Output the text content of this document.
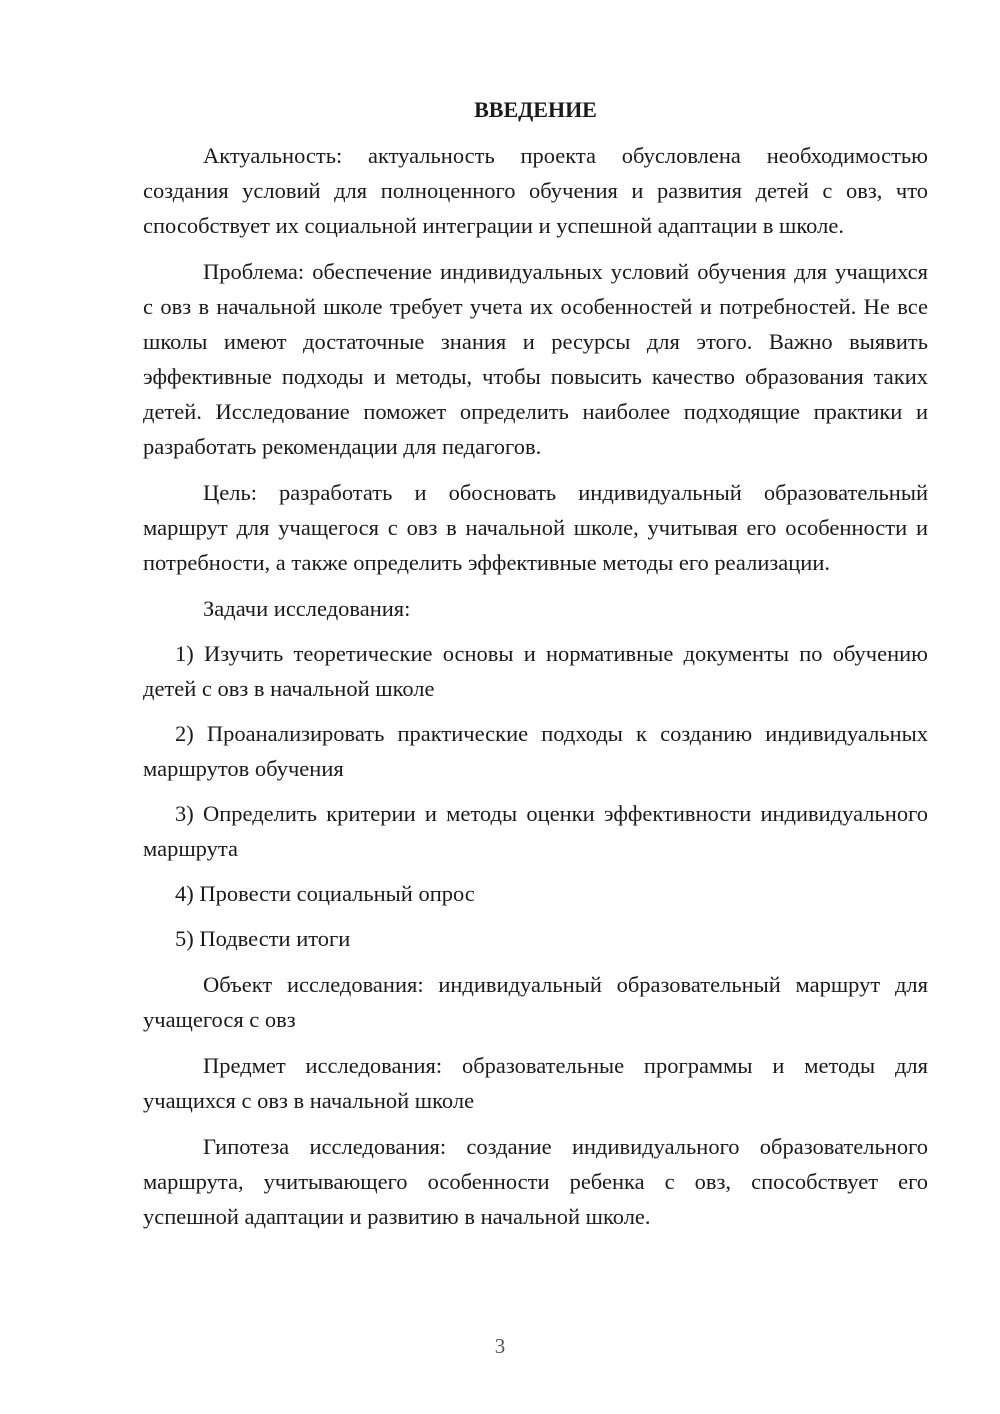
ВВЕДЕНИЕ

Актуальность: актуальность проекта обусловлена необходимостью создания условий для полноценного обучения и развития детей с овз, что способствует их социальной интеграции и успешной адаптации в школе.

Проблема: обеспечение индивидуальных условий обучения для учащихся с овз в начальной школе требует учета их особенностей и потребностей. Не все школы имеют достаточные знания и ресурсы для этого. Важно выявить эффективные подходы и методы, чтобы повысить качество образования таких детей. Исследование поможет определить наиболее подходящие практики и разработать рекомендации для педагогов.

Цель: разработать и обосновать индивидуальный образовательный маршрут для учащегося с овз в начальной школе, учитывая его особенности и потребности, а также определить эффективные методы его реализации.

Задачи исследования:

1) Изучить теоретические основы и нормативные документы по обучению детей с овз в начальной школе

2) Проанализировать практические подходы к созданию индивидуальных маршрутов обучения

3) Определить критерии и методы оценки эффективности индивидуального маршрута

4) Провести социальный опрос

5) Подвести итоги

Объект исследования: индивидуальный образовательный маршрут для учащегося с овз

Предмет исследования: образовательные программы и методы для учащихся с овз в начальной школе

Гипотеза исследования: создание индивидуального образовательного маршрута, учитывающего особенности ребенка с овз, способствует его успешной адаптации и развитию в начальной школе.

3
